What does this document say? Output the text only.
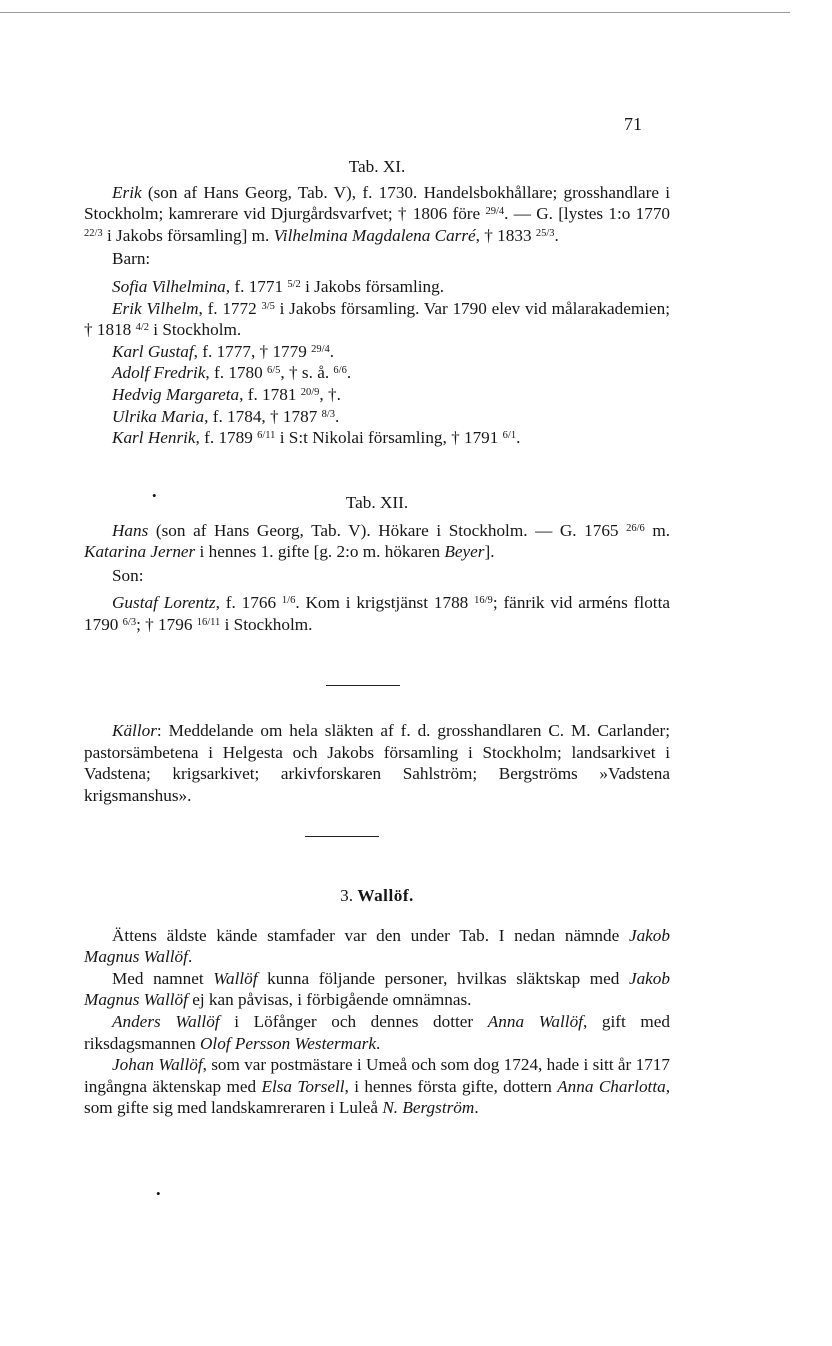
71

Tab. XI.

Erik (son af Hans Georg, Tab. V), f. 1730. Handelsbokhållare; grosshandlare i Stockholm; kamrerare vid Djurgårdsvarfvet; † 1806 före $^{29/4}$. — G. [lystes 1:o 1770 $^{22/3}$ i Jakobs församling] m. Vilhelmina Magdalena Carré, † 1833 $^{25/3}$.

Barn:

Sofia Vilhelmina, f. 1771 $^{5/2}$ i Jakobs församling.

Erik Vilhelm, f. 1772 $^{3/5}$ i Jakobs församling. Var 1790 elev vid målarakademien; † 1818 $^{4/2}$ i Stockholm.

Karl Gustaf, f. 1777, † 1779 $^{29/4}$.

Adolf Fredrik, f. 1780 $^{6/5}$, † s. å. $^{6/6}$.

Hedvig Margareta, f. 1781 $^{20/9}$, †.

Ulrika Maria, f. 1784, † 1787 $^{8/3}$.

Karl Henrik, f. 1789 $^{6/11}$ i S:t Nikolai församling, † 1791 $^{6/1}$.

Tab. XII.

Hans (son af Hans Georg, Tab. V). Hökare i Stockholm. — G. 1765 $^{26/6}$ m. Katarina Jerner i hennes 1. gifte [g. 2:o m. hökaren Beyer].

Son:

Gustaf Lorentz, f. 1766 $^{1/6}$. Kom i krigstjänst 1788 $^{16/9}$; fänrik vid arméns flotta 1790 $^{6/3}$; † 1796 $^{16/11}$ i Stockholm.

Källor: Meddelande om hela släkten af f. d. grosshandlaren C. M. Carlander; pastorsämbetena i Helgesta och Jakobs församling i Stockholm; landsarkivet i Vadstena; krigsarkivet; arkivforskaren Sahlström; Bergströms »Vadstena krigsmanshus».

3. Wallöf.

Ättens äldste kände stamfader var den under Tab. I nedan nämnde Jakob Magnus Wallöf.

Med namnet Wallöf kunna följande personer, hvilkas släktskap med Jakob Magnus Wallöf ej kan påvisas, i förbigående omnämnas.

Anders Wallöf i Löfånger och dennes dotter Anna Wallöf, gift med riksdagsmannen Olof Persson Westermark.

Johan Wallöf, som var postmästare i Umeå och som dog 1724, hade i sitt år 1717 ingångna äktenskap med Elsa Torsell, i hennes första gifte, dottern Anna Charlotta, som gifte sig med landskamreraren i Luleå N. Bergström.

•
•
